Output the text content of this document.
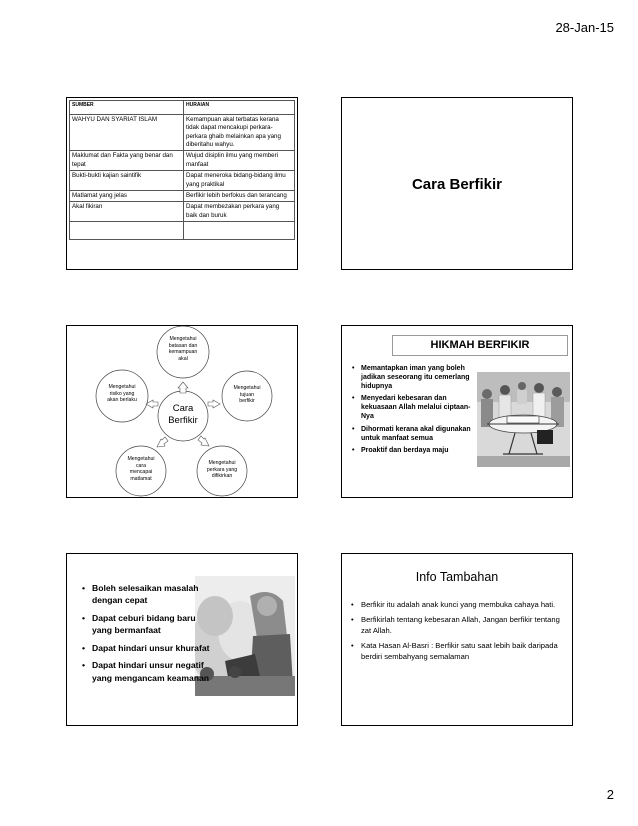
28-Jan-15
SUMBER	HURAIAN
WAHYU DAN SYARIAT ISLAM	Kemampuan akal terbatas kerana tidak dapat mencakupi perkara-perkara ghaib melainkan apa yang diberitahu wahyu.
Maklumat dan Fakta yang benar dan tepat	Wujud disiplin ilmu yang memberi manfaat
Bukti-bukti kajian saintifik	Dapat meneroka bidang-bidang ilmu yang praktikal
Matlamat yang jelas	Berfikir lebih berfokus dan terancang
Akal fikiran	Dapat membezakan perkara yang baik dan buruk

Cara Berfikir
Mengetahui
batasan dan
kemampuan
akal
Mengetahui
tujuan
berfikir
Mengetahui
perkara yang
difikirkan
Mengetahui
cara
mencapai
matlamat
Mengetahui
risiko yang
akan berlaku
Cara
Berfikir
HIKMAH BERFIKIR
• Memantapkan iman yang boleh jadikan seseorang itu cemerlang hidupnya
• Menyedari kebesaran dan kekuasaan Allah melalui ciptaan-Nya
• Dihormati kerana akal digunakan untuk manfaat semua
• Proaktif dan berdaya maju
• Boleh selesaikan masalah dengan cepat
• Dapat ceburi bidang baru yang bermanfaat
• Dapat hindari unsur khurafat
• Dapat hindari unsur negatif yang mengancam keamanan
Info Tambahan
• Berfikir itu adalah anak kunci yang membuka cahaya hati.
• Berfikirlah tentang kebesaran Allah, Jangan berfikir tentang zat Allah.
• Kata Hasan Al-Basri : Berfikir satu saat lebih baik daripada berdiri sembahyang semalaman
2
